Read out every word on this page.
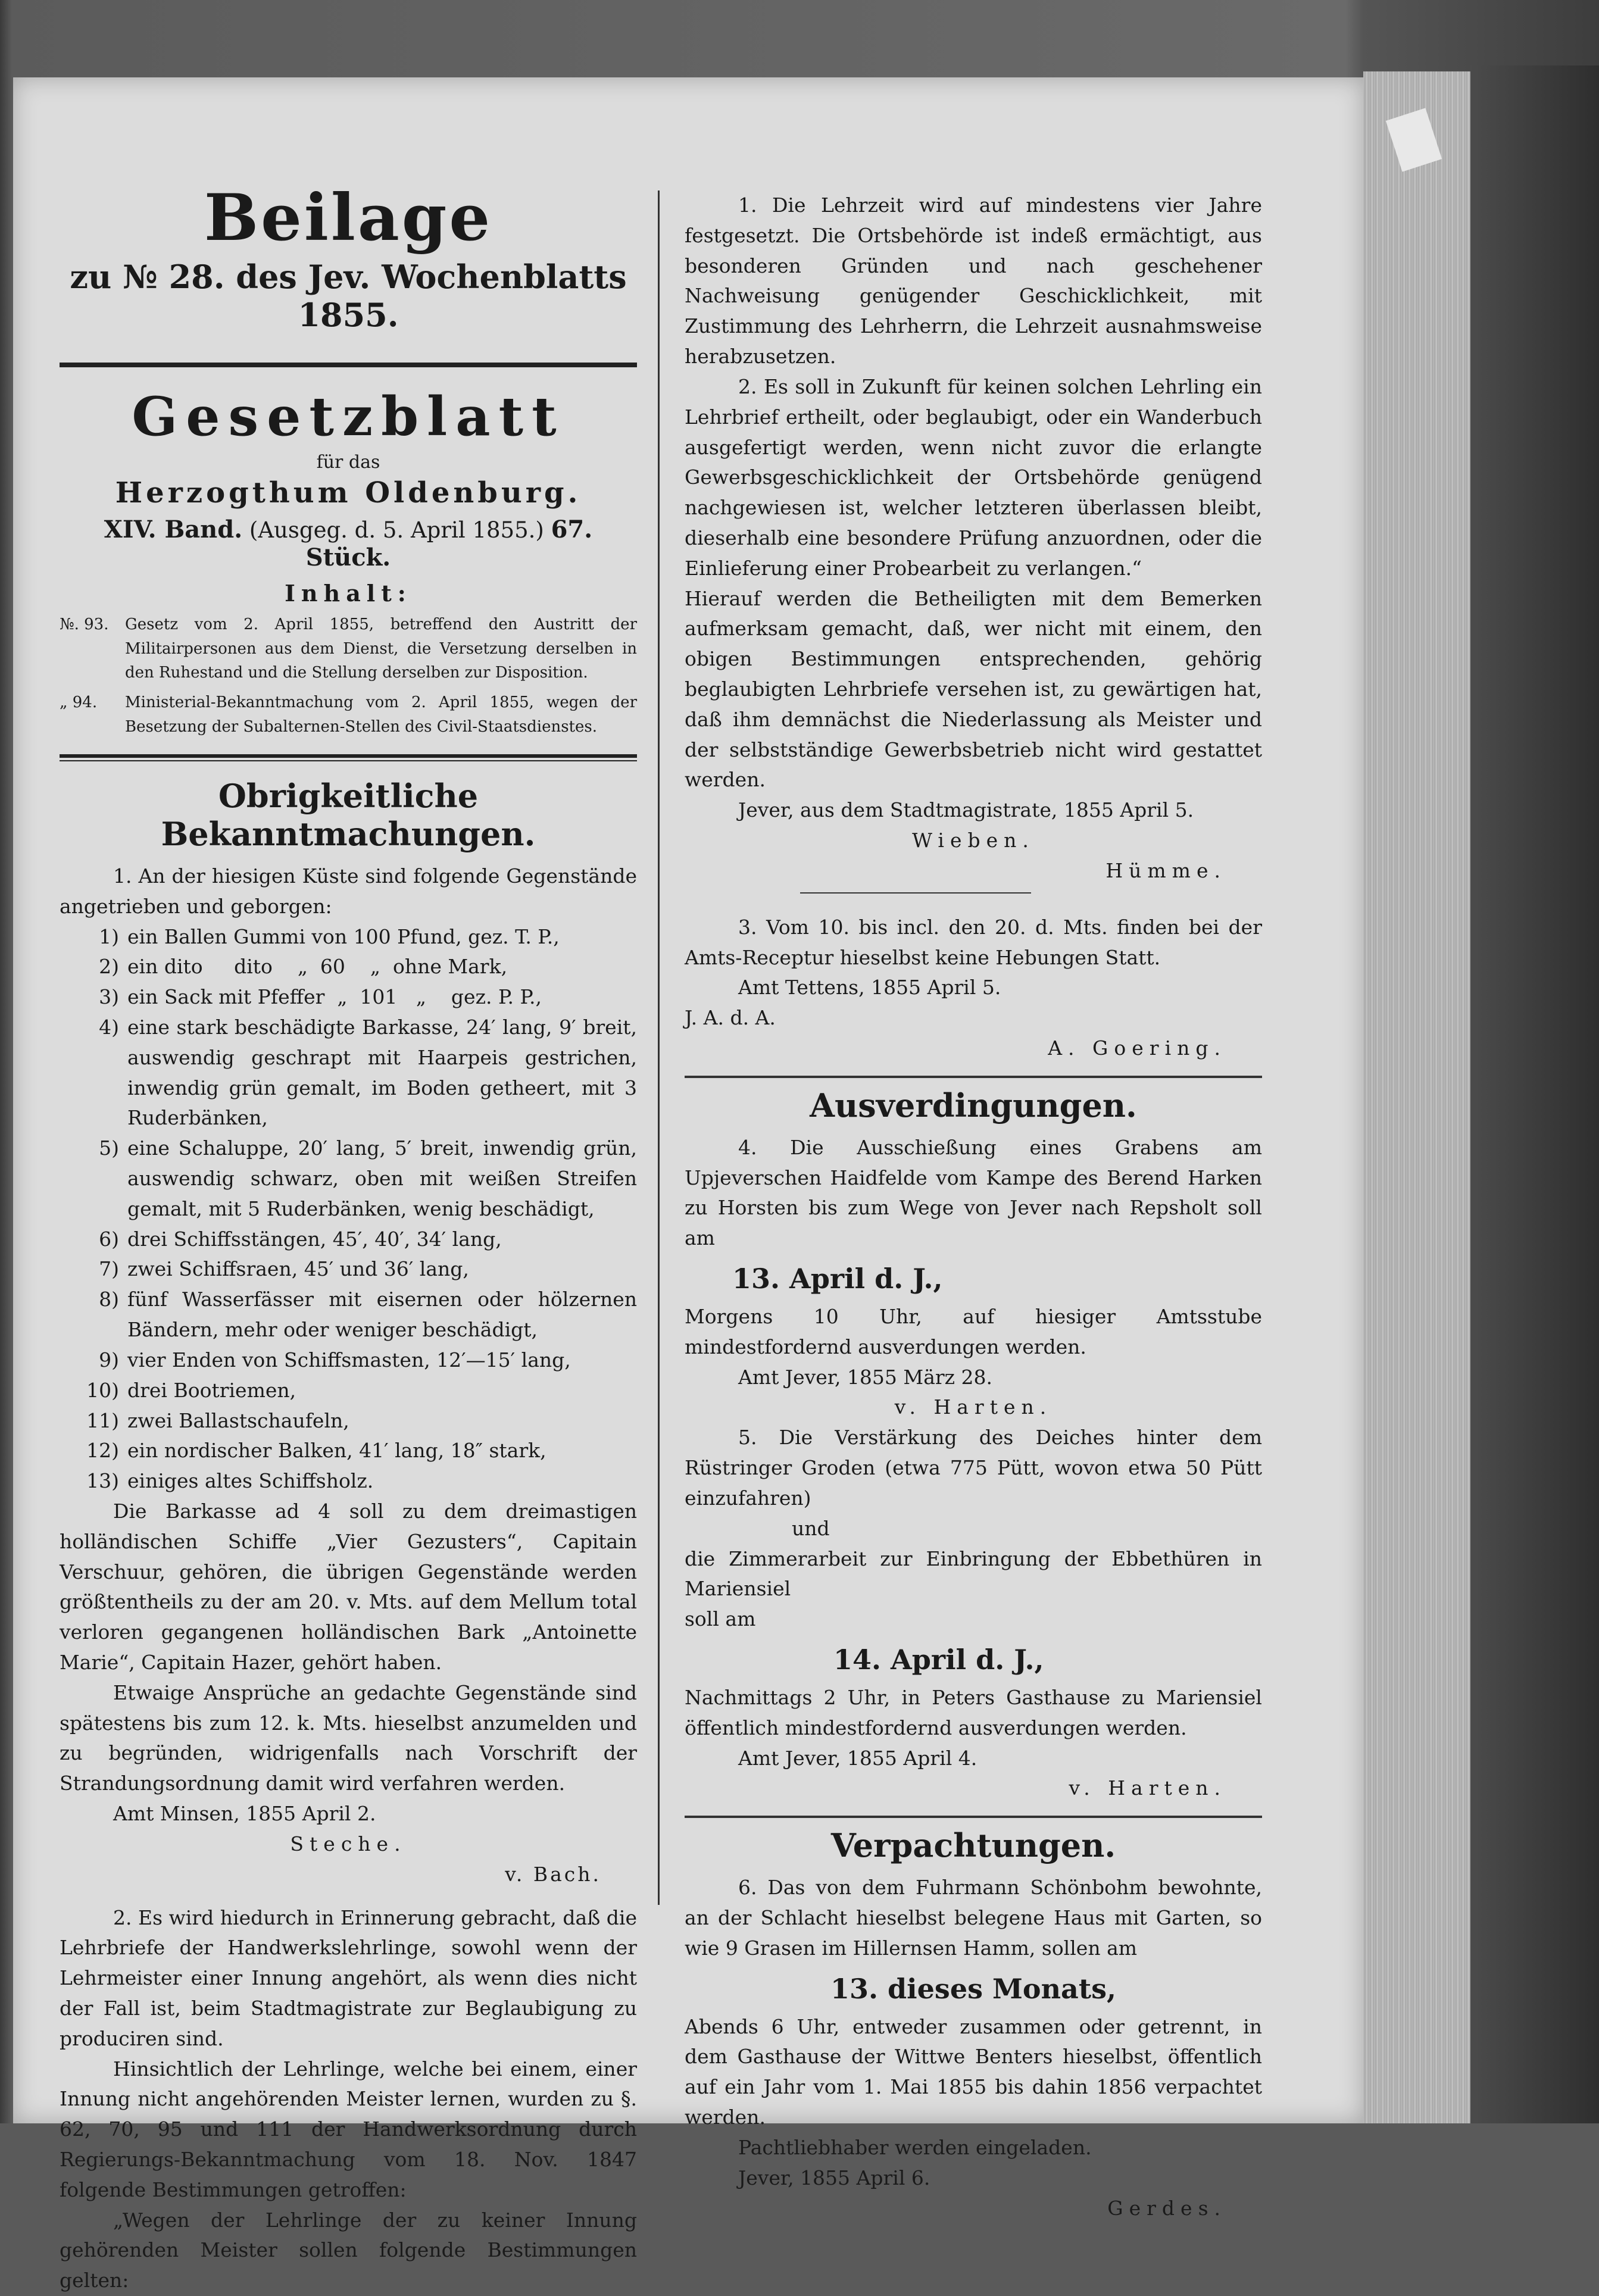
Beilage
zu № 28. des Jev. Wochenblatts 1855.
Gesetzblatt
für das
Herzogthum Oldenburg.
XIV. Band. (Ausgeg. d. 5. April 1855.) 67. Stück.
Inhalt:
№. 93.	Gesetz vom 2. April 1855, betreffend den Austritt der Militairpersonen aus dem Dienst, die Versetzung derselben in den Ruhestand und die Stellung derselben zur Disposition.
„ 94.	Ministerial-Bekanntmachung vom 2. April 1855, wegen der Besetzung der Subalternen-Stellen des Civil-Staatsdienstes.
Obrigkeitliche Bekanntmachungen.

1. An der hiesigen Küste sind folgende Gegenstände angetrieben und geborgen:

1) ein Ballen Gummi von 100 Pfund, gez. T. P.,
2) ein dito     dito    „  60    „  ohne Mark,
3) ein Sack mit Pfeffer  „  101   „    gez. P. P.,
4) eine stark beschädigte Barkasse, 24′ lang, 9′ breit, auswendig geschrapt mit Haarpeis gestrichen, inwendig grün gemalt, im Boden getheert, mit 3 Ruderbänken,
5) eine Schaluppe, 20′ lang, 5′ breit, inwendig grün, auswendig schwarz, oben mit weißen Streifen gemalt, mit 5 Ruderbänken, wenig beschädigt,
6) drei Schiffsstängen, 45′, 40′, 34′ lang,
7) zwei Schiffsraen, 45′ und 36′ lang,
8) fünf Wasserfässer mit eisernen oder hölzernen Bändern, mehr oder weniger beschädigt,
9) vier Enden von Schiffsmasten, 12′—15′ lang,
10) drei Bootriemen,
11) zwei Ballastschaufeln,
12) ein nordischer Balken, 41′ lang, 18″ stark,
13) einiges altes Schiffsholz.

Die Barkasse ad 4 soll zu dem dreimastigen holländischen Schiffe „Vier Gezusters“, Capitain Verschuur, gehören, die übrigen Gegenstände werden größtentheils zu der am 20. v. Mts. auf dem Mellum total verloren gegangenen holländischen Bark „Antoinette Marie“, Capitain Hazer, gehört haben.

Etwaige Ansprüche an gedachte Gegenstände sind spätestens bis zum 12. k. Mts. hieselbst anzumelden und zu begründen, widrigenfalls nach Vorschrift der Strandungsordnung damit wird verfahren werden.

Amt Minsen, 1855 April 2.

Steche.

v. Bach.

2. Es wird hiedurch in Erinnerung gebracht, daß die Lehrbriefe der Handwerkslehrlinge, sowohl wenn der Lehrmeister einer Innung angehört, als wenn dies nicht der Fall ist, beim Stadtmagistrate zur Beglaubigung zu produciren sind.

Hinsichtlich der Lehrlinge, welche bei einem, einer Innung nicht angehörenden Meister lernen, wurden zu §. 62, 70, 95 und 111 der Handwerksordnung durch Regierungs-Bekanntmachung vom 18. Nov. 1847 folgende Bestimmungen getroffen:

„Wegen der Lehrlinge der zu keiner Innung gehörenden Meister sollen folgende Bestimmungen gelten:

1. Die Lehrzeit wird auf mindestens vier Jahre festgesetzt. Die Ortsbehörde ist indeß ermächtigt, aus besonderen Gründen und nach geschehener Nachweisung genügender Geschicklichkeit, mit Zustimmung des Lehrherrn, die Lehrzeit ausnahmsweise herabzusetzen.

2. Es soll in Zukunft für keinen solchen Lehrling ein Lehrbrief ertheilt, oder beglaubigt, oder ein Wanderbuch ausgefertigt werden, wenn nicht zuvor die erlangte Gewerbsgeschicklichkeit der Ortsbehörde genügend nachgewiesen ist, welcher letzteren überlassen bleibt, dieserhalb eine besondere Prüfung anzuordnen, oder die Einlieferung einer Probearbeit zu verlangen.“

Hierauf werden die Betheiligten mit dem Bemerken aufmerksam gemacht, daß, wer nicht mit einem, den obigen Bestimmungen entsprechenden, gehörig beglaubigten Lehrbriefe versehen ist, zu gewärtigen hat, daß ihm demnächst die Niederlassung als Meister und der selbstständige Gewerbsbetrieb nicht wird gestattet werden.

Jever, aus dem Stadtmagistrate, 1855 April 5.

Wieben.

Hümme.

3. Vom 10. bis incl. den 20. d. Mts. finden bei der Amts-Receptur hieselbst keine Hebungen Statt.

Amt Tettens, 1855 April 5.

J. A. d. A.

A. Goering.

Ausverdingungen.

4. Die Ausschießung eines Grabens am Upjeverschen Haidfelde vom Kampe des Berend Harken zu Horsten bis zum Wege von Jever nach Repsholt soll am

13. April d. J.,

Morgens 10 Uhr, auf hiesiger Amtsstube mindestfordernd ausverdungen werden.

Amt Jever, 1855 März 28.

v. Harten.

5. Die Verstärkung des Deiches hinter dem Rüstringer Groden (etwa 775 Pütt, wovon etwa 50 Pütt einzufahren)

und

die Zimmerarbeit zur Einbringung der Ebbethüren in Mariensiel

soll am

14. April d. J.,

Nachmittags 2 Uhr, in Peters Gasthause zu Mariensiel öffentlich mindestfordernd ausverdungen werden.

Amt Jever, 1855 April 4.

v. Harten.

Verpachtungen.

6. Das von dem Fuhrmann Schönbohm bewohnte, an der Schlacht hieselbst belegene Haus mit Garten, so wie 9 Grasen im Hillernsen Hamm, sollen am

13. dieses Monats,

Abends 6 Uhr, entweder zusammen oder getrennt, in dem Gasthause der Wittwe Benters hieselbst, öffentlich auf ein Jahr vom 1. Mai 1855 bis dahin 1856 verpachtet werden.

Pachtliebhaber werden eingeladen.

Jever, 1855 April 6.

Gerdes.
